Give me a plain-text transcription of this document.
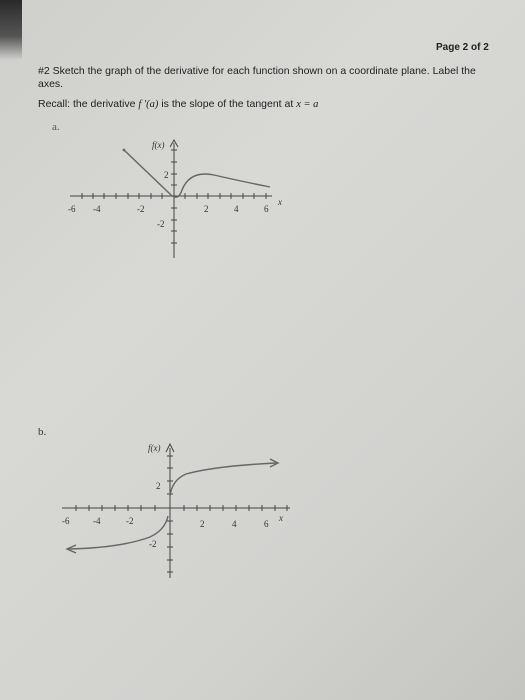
Page 2 of 2
#2 Sketch the graph of the derivative for each function shown on a coordinate plane. Label the axes.
Recall: the derivative f '(a) is the slope of the tangent at x = a
a.
b.
-6 -4	-2	2	4	6
x
2
-2
f(x)
-6	-4	-2	2	4	6
x
2
-2
f(x)
